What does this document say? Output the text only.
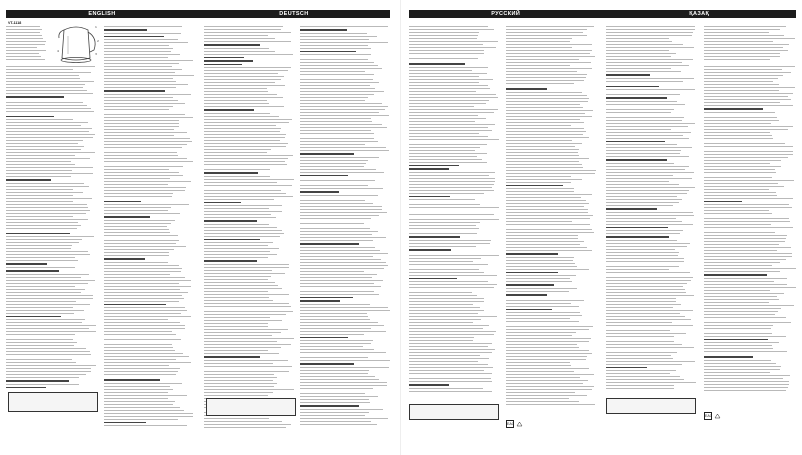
ENGLISH	DEUTSCH	РУССКИЙ	ҚАЗАҚ
VT-1118
1
2
3
4
EAC
EAC
